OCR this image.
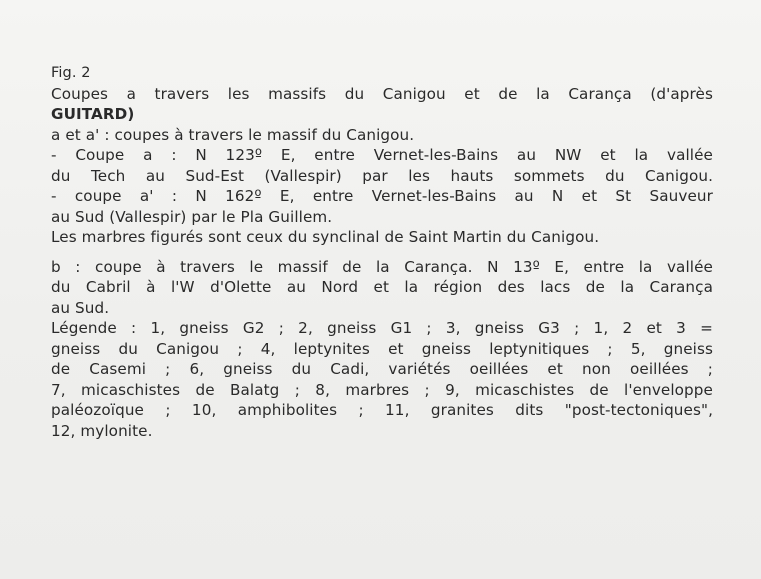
Fig. 2
Coupes a travers les massifs du Canigou et de la Carança (d'après
GUITARD)
a et a' : coupes à travers le massif du Canigou.
- Coupe a : N 123º E, entre Vernet-les-Bains au NW et la vallée
du Tech au Sud-Est (Vallespir) par les hauts sommets du Canigou.
- coupe a' : N 162º E, entre Vernet-les-Bains au N et St Sauveur
au Sud (Vallespir) par le Pla Guillem.
Les marbres figurés sont ceux du synclinal de Saint Martin du Canigou.
b : coupe à travers le massif de la Carança. N 13º E, entre la vallée
du Cabril à l'W d'Olette au Nord et la région des lacs de la Carança
au Sud.
Légende : 1, gneiss G2 ; 2, gneiss G1 ; 3, gneiss G3 ; 1, 2 et 3 =
gneiss du Canigou ; 4, leptynites et gneiss leptynitiques ; 5, gneiss
de Casemi ; 6, gneiss du Cadi, variétés oeillées et non oeillées ;
7, micaschistes de Balatg ; 8, marbres ; 9, micaschistes de l'enveloppe
paléozoïque ; 10, amphibolites ; 11, granites dits "post-tectoniques",
12, mylonite.
